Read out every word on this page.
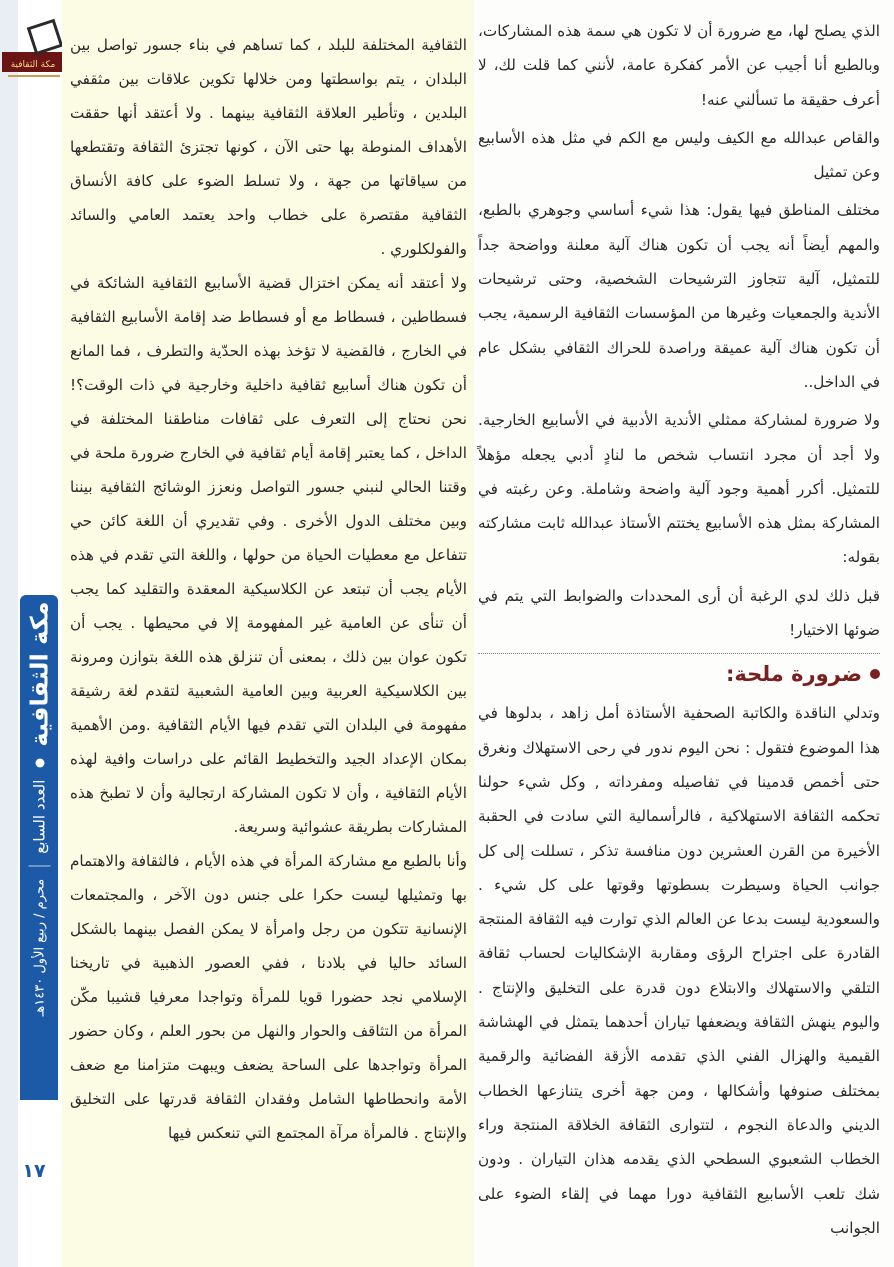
مكة الثقافية
العدد السابع
محرم / ربيع الأول ١٤٣٠هـ
١٧
مكة الثقافية

الثقافية المختلفة للبلد ، كما تساهم في بناء جسور تواصل بين البلدان ، يتم بواسطتها ومن خلالها تكوين علاقات بين مثقفي البلدين ، وتأطير العلاقة الثقافية بينهما . ولا أعتقد أنها حققت الأهداف المنوطة بها حتى الآن ، كونها تجتزئ الثقافة وتقتطعها من سياقاتها من جهة ، ولا تسلط الضوء على كافة الأنساق الثقافية مقتصرة على خطاب واحد يعتمد العامي والسائد والفولكلوري .

ولا أعتقد أنه يمكن اختزال قضية الأسابيع الثقافية الشائكة في فسطاطين ، فسطاط مع أو فسطاط ضد إقامة الأسابيع الثقافية في الخارج ، فالقضية لا تؤخذ بهذه الحدّية والتطرف ، فما المانع أن تكون هناك أسابيع ثقافية داخلية وخارجية في ذات الوقت؟! نحن نحتاج إلى التعرف على ثقافات مناطقنا المختلفة في الداخل ، كما يعتبر إقامة أيام ثقافية في الخارج ضرورة ملحة في وقتنا الحالي لنبني جسور التواصل ونعزز الوشائج الثقافية بيننا وبين مختلف الدول الأخرى . وفي تقديري أن اللغة كائن حي تتفاعل مع معطيات الحياة من حولها ، واللغة التي تقدم في هذه الأيام يجب أن تبتعد عن الكلاسيكية المعقدة والتقليد كما يجب أن تنأى عن العامية غير المفهومة إلا في محيطها . يجب أن تكون عوان بين ذلك ، بمعنى أن تنزلق هذه اللغة بتوازن ومرونة بين الكلاسيكية العربية وبين العامية الشعبية لتقدم لغة رشيقة مفهومة في البلدان التي تقدم فيها الأيام الثقافية .ومن الأهمية بمكان الإعداد الجيد والتخطيط القائم على دراسات وافية لهذه الأيام الثقافية ، وأن لا تكون المشاركة ارتجالية وأن لا تطبخ هذه المشاركات بطريقة عشوائية وسريعة.

وأنا بالطبع مع مشاركة المرأة في هذه الأيام ، فالثقافة والاهتمام بها وتمثيلها ليست حكرا على جنس دون الآخر ، والمجتمعات الإنسانية تتكون من رجل وامرأة لا يمكن الفصل بينهما بالشكل السائد حاليا في بلادنا ، ففي العصور الذهبية في تاريخنا الإسلامي نجد حضورا قويا للمرأة وتواجدا معرفيا قشيبا مكّن المرأة من التثاقف والحوار والنهل من بحور العلم ، وكان حضور المرأة وتواجدها على الساحة يضعف ويبهت متزامنا مع ضعف الأمة وانحطاطها الشامل وفقدان الثقافة قدرتها على التخليق والإنتاج . فالمرأة مرآة المجتمع التي تنعكس فيها

الذي يصلح لها، مع ضرورة أن لا تكون هي سمة هذه المشاركات، وبالطبع أنا أجيب عن الأمر كفكرة عامة، لأنني كما قلت لك، لا أعرف حقيقة ما تسألني عنه!

والقاص عبدالله مع الكيف وليس مع الكم في مثل هذه الأسابيع وعن تمثيل

مختلف المناطق فيها يقول: هذا شيء أساسي وجوهري بالطبع، والمهم أيضاً أنه يجب أن تكون هناك آلية معلنة وواضحة جداً للتمثيل، آلية تتجاوز الترشيحات الشخصية، وحتى ترشيحات الأندية والجمعيات وغيرها من المؤسسات الثقافية الرسمية، يجب أن تكون هناك آلية عميقة وراصدة للحراك الثقافي بشكل عام في الداخل..

ولا ضرورة لمشاركة ممثلي الأندية الأدبية في الأسابيع الخارجية. ولا أجد أن مجرد انتساب شخص ما لنادٍ أدبي يجعله مؤهلاً للتمثيل. أكرر أهمية وجود آلية واضحة وشاملة. وعن رغبته في المشاركة بمثل هذه الأسابيع يختتم الأستاذ عبدالله ثابت مشاركته بقوله:

قبل ذلك لدي الرغبة أن أرى المحددات والضوابط التي يتم في ضوئها الاختيار!

ضرورة ملحة:

وتدلي الناقدة والكاتبة الصحفية الأستاذة أمل زاهد ، بدلوها في هذا الموضوع فتقول : نحن اليوم ندور في رحى الاستهلاك ونغرق حتى أخمص قدمينا في تفاصيله ومفرداته , وكل شيء حولنا تحكمه الثقافة الاستهلاكية ، فالرأسمالية التي سادت في الحقبة الأخيرة من القرن العشرين دون منافسة تذكر ، تسللت إلى كل جوانب الحياة وسيطرت بسطوتها وقوتها على كل شيء . والسعودية ليست بدعا عن العالم الذي توارت فيه الثقافة المنتجة القادرة على اجتراح الرؤى ومقاربة الإشكاليات لحساب ثقافة التلقي والاستهلاك والابتلاع دون قدرة على التخليق والإنتاج . واليوم ينهش الثقافة ويضعفها تياران أحدهما يتمثل في الهشاشة القيمية والهزال الفني الذي تقدمه الأزقة الفضائية والرقمية بمختلف صنوفها وأشكالها ، ومن جهة أخرى يتنازعها الخطاب الديني والدعاة النجوم ، لتتوارى الثقافة الخلاقة المنتجة وراء الخطاب الشعبوي السطحي الذي يقدمه هذان التياران . ودون شك تلعب الأسابيع الثقافية دورا مهما في إلقاء الضوء على الجوانب
